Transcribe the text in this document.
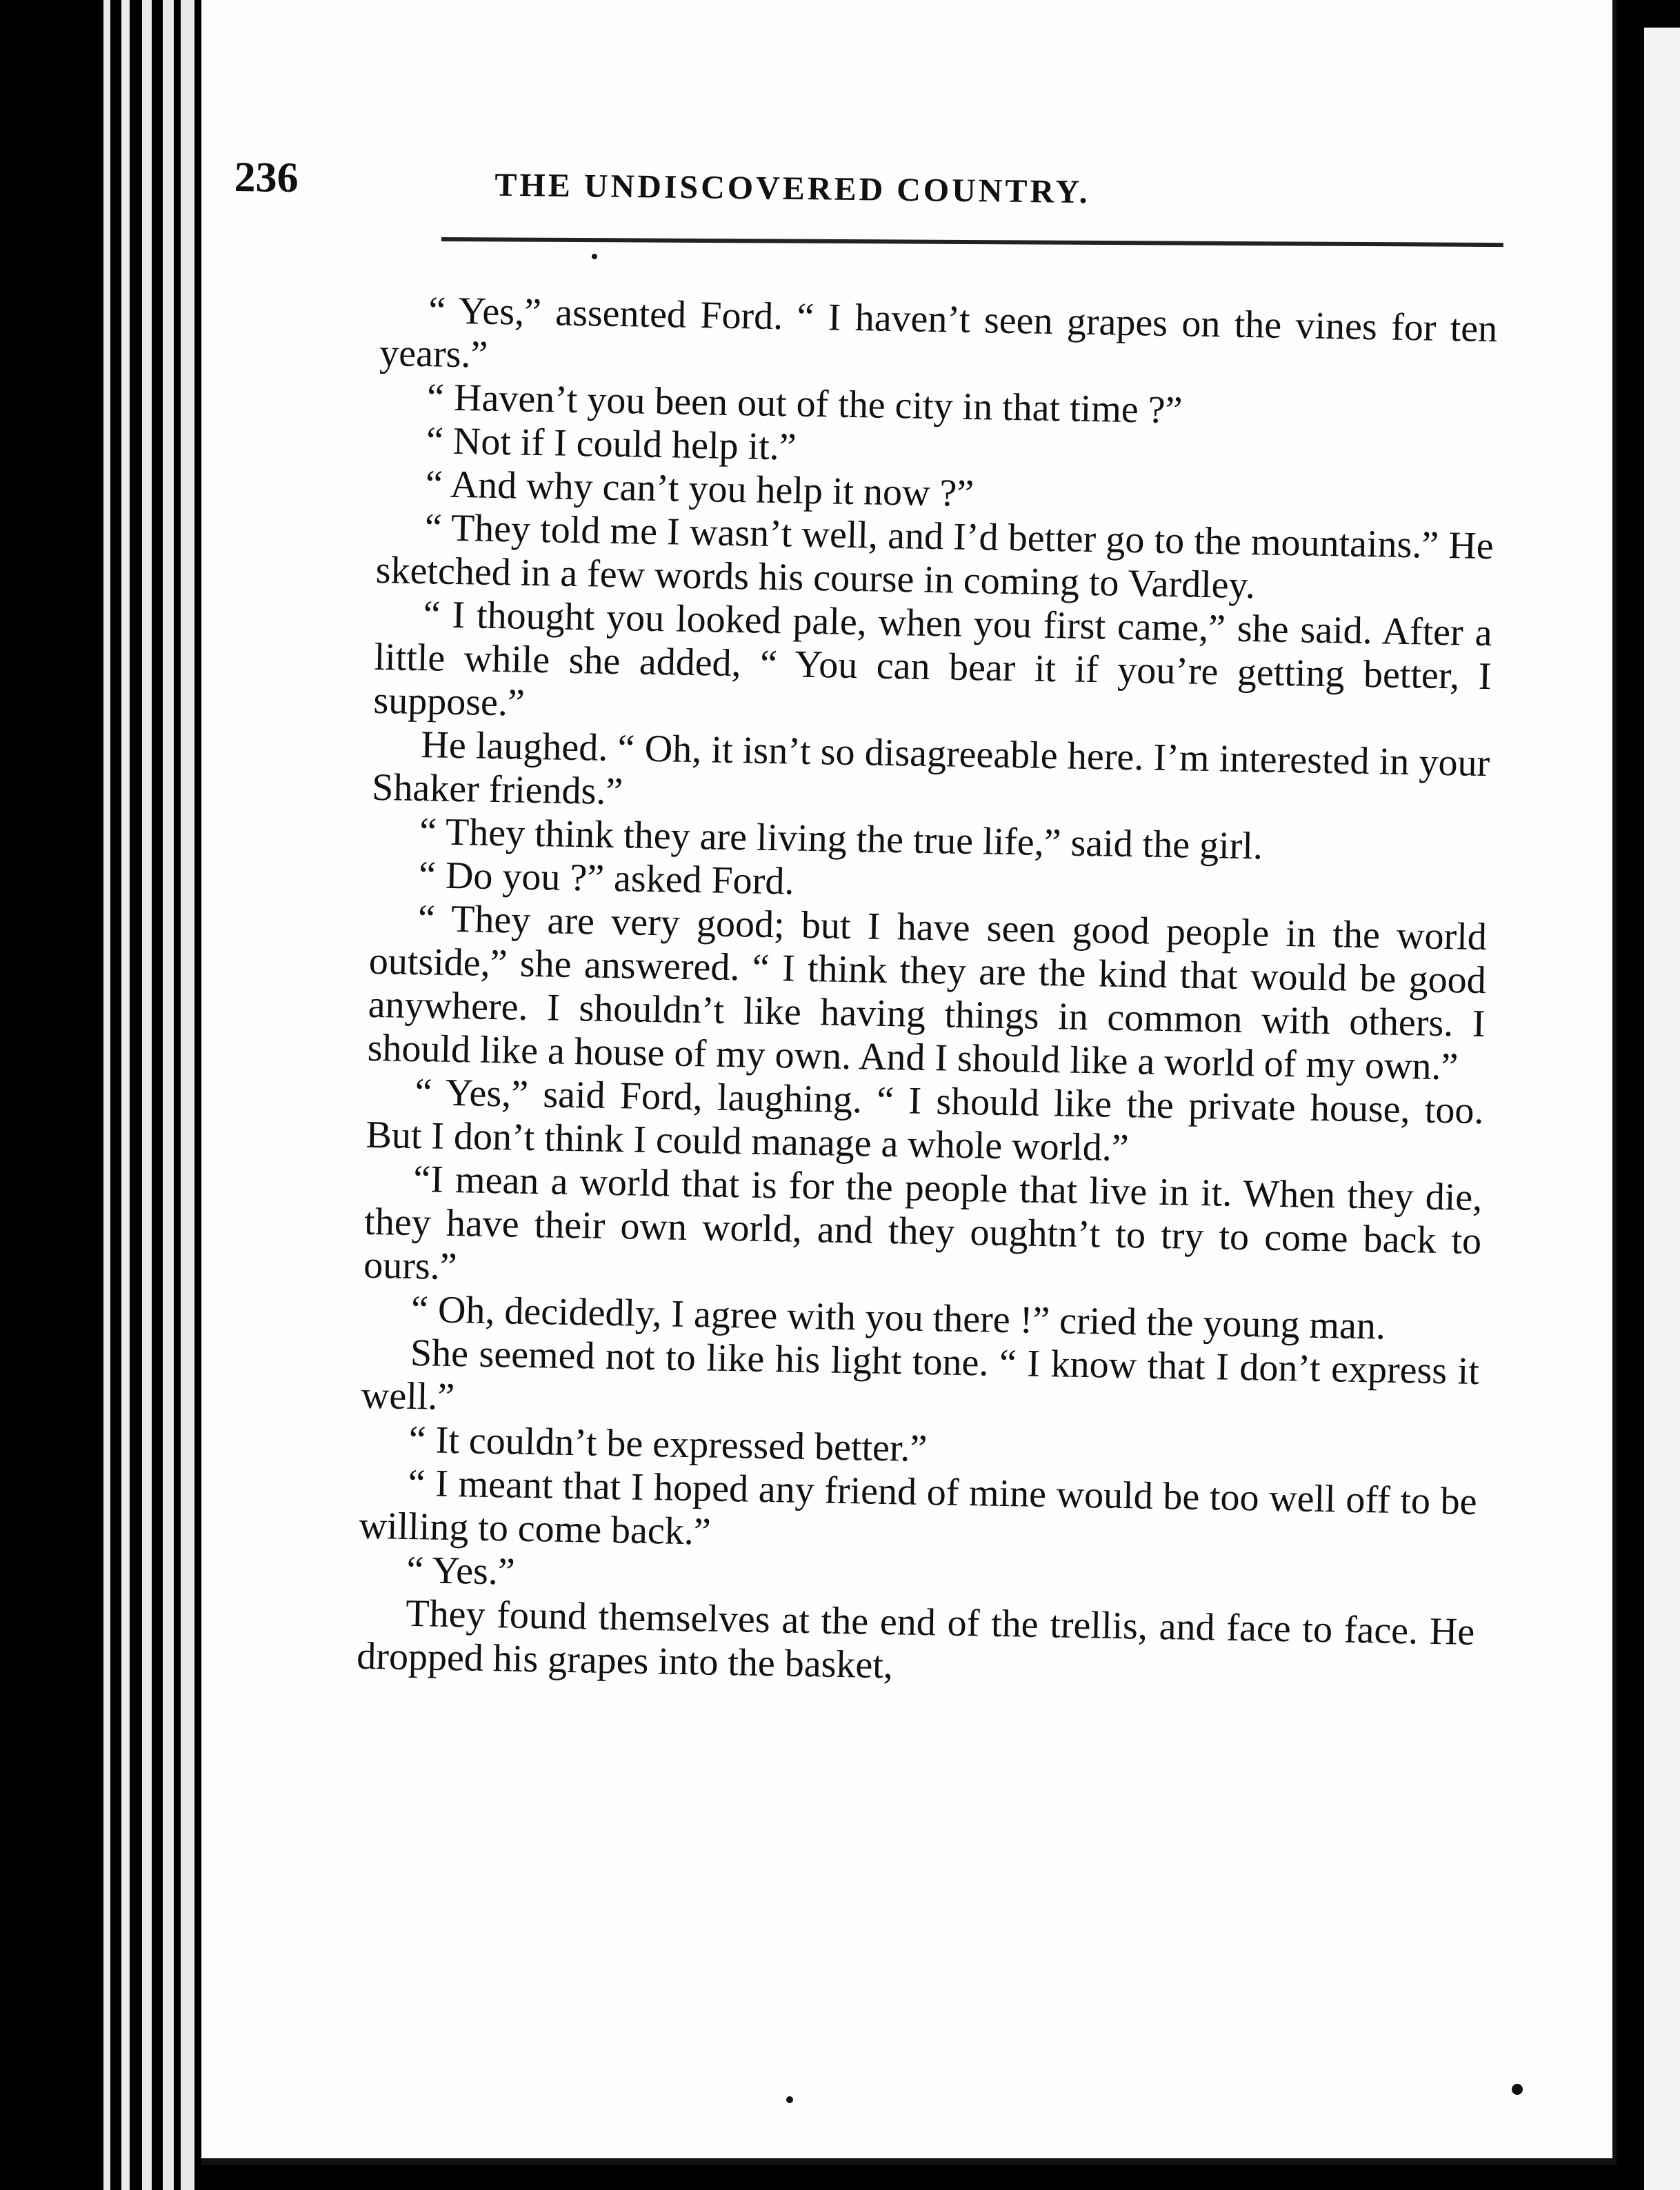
236	THE UNDISCOVERED COUNTRY.

“ Yes,” assented Ford. “ I haven’t seen grapes on the vines for ten years.”

“ Haven’t you been out of the city in that time ?”

“ Not if I could help it.”

“ And why can’t you help it now ?”

“ They told me I wasn’t well, and I’d better go to the mountains.” He sketched in a few words his course in coming to Vardley.

“ I thought you looked pale, when you first came,” she said. After a little while she added, “ You can bear it if you’re getting better, I suppose.”

He laughed. “ Oh, it isn’t so disagreeable here. I’m interested in your Shaker friends.”

“ They think they are living the true life,” said the girl.

“ Do you ?” asked Ford.

“ They are very good; but I have seen good people in the world outside,” she answered. “ I think they are the kind that would be good anywhere. I shouldn’t like having things in common with others. I should like a house of my own. And I should like a world of my own.”

“ Yes,” said Ford, laughing. “ I should like the private house, too. But I don’t think I could manage a whole world.”

“I mean a world that is for the people that live in it. When they die, they have their own world, and they oughtn’t to try to come back to ours.”

“ Oh, decidedly, I agree with you there !” cried the young man.

She seemed not to like his light tone. “ I know that I don’t express it well.”

“ It couldn’t be expressed better.”

“ I meant that I hoped any friend of mine would be too well off to be willing to come back.”

“ Yes.”

They found themselves at the end of the trellis, and face to face. He dropped his grapes into the basket,
